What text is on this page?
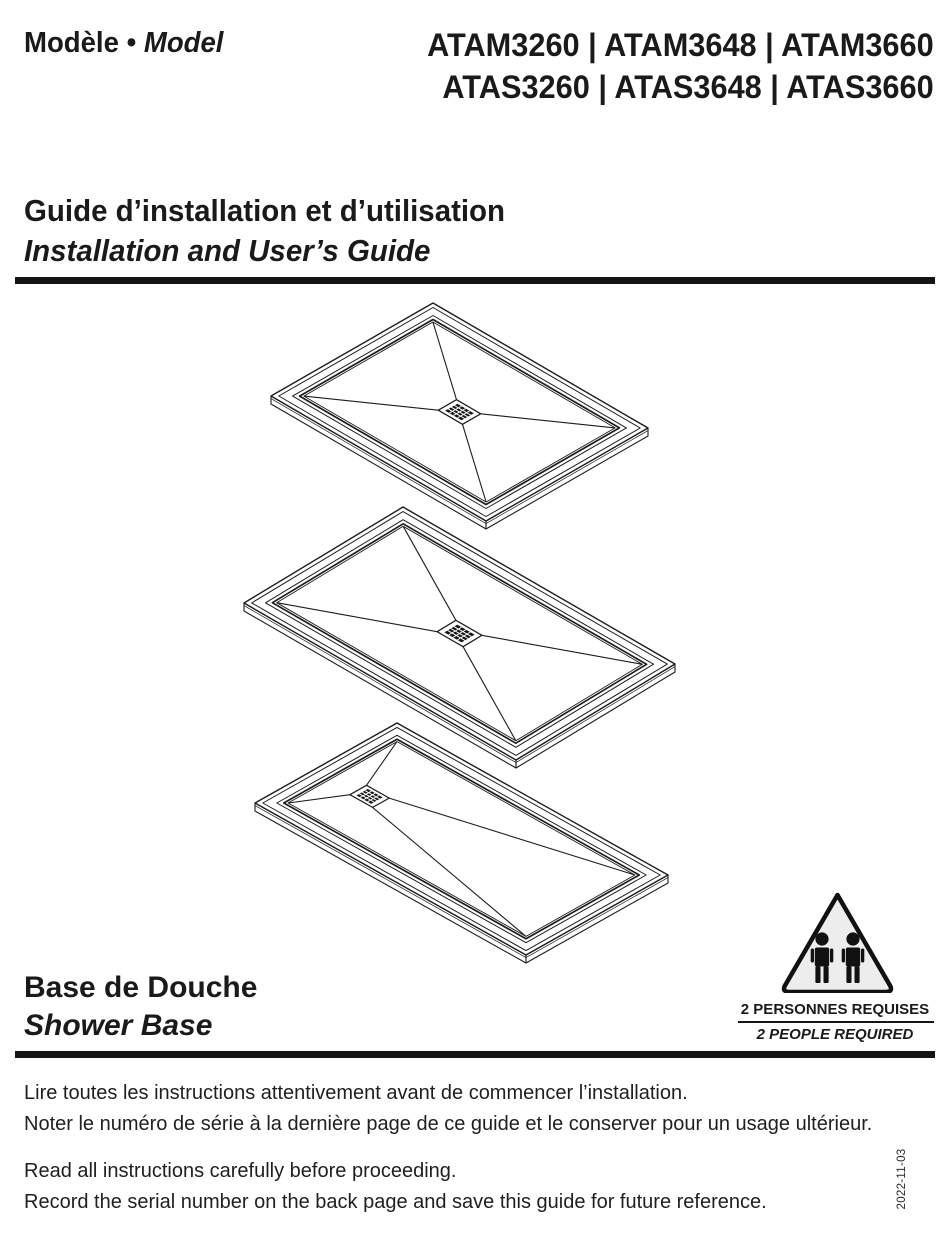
Modèle • Model	ATAM3260 | ATAM3648 | ATAM3660
ATAS3260 | ATAS3648 | ATAS3660
Guide d’installation et d’utilisation
Installation and User’s Guide
Base de Douche
Shower Base	2 PERSONNES REQUISES
2 PEOPLE REQUIRED
Lire toutes les instructions attentivement avant de commencer l’installation.
Noter le numéro de série à la dernière page de ce guide et le conserver pour un usage ultérieur.
Read all instructions carefully before proceeding.
Record the serial number on the back page and save this guide for future reference.	2022-11-03
